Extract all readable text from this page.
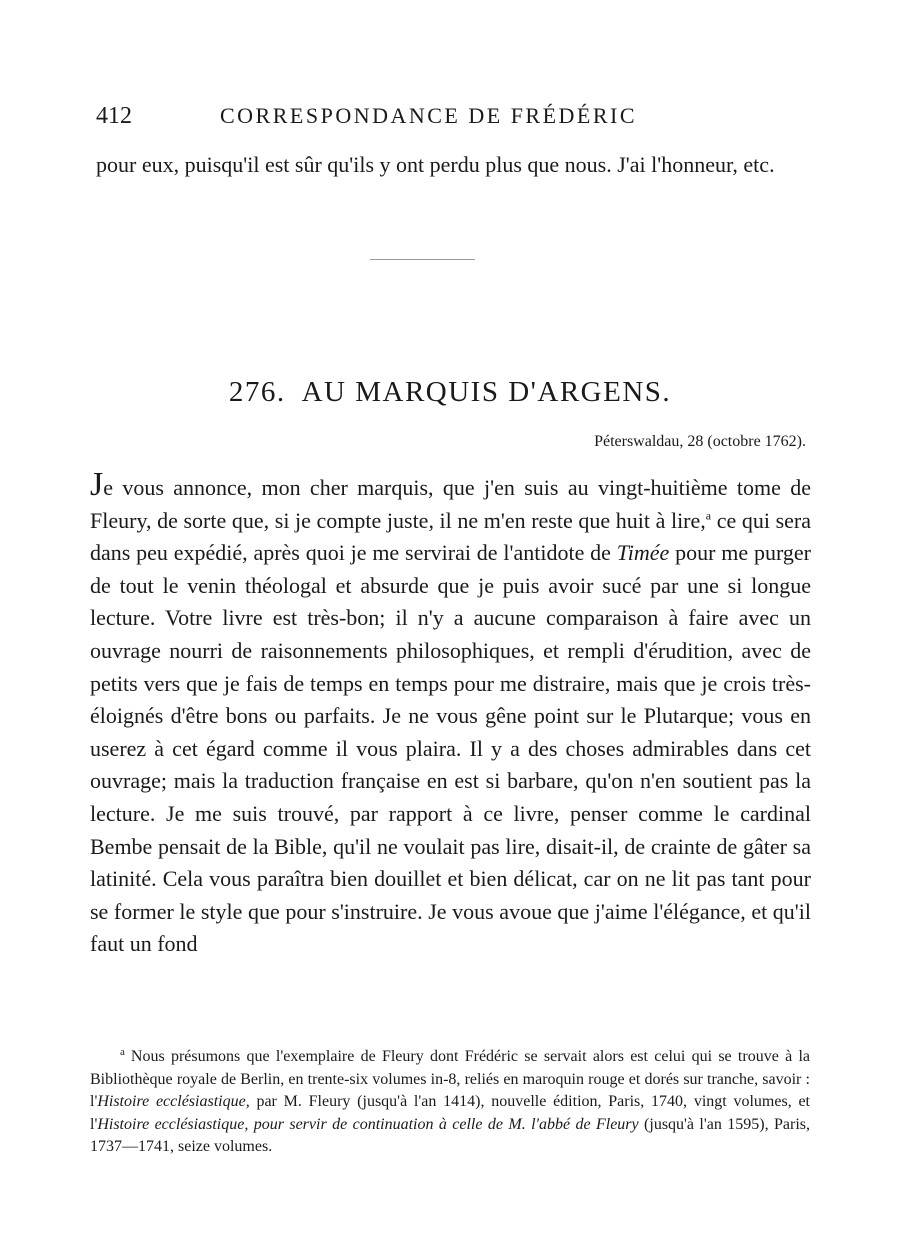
412	CORRESPONDANCE DE FRÉDÉRIC

pour eux, puisqu'il est sûr qu'ils y ont perdu plus que nous. J'ai l'honneur, etc.

276. AU MARQUIS D'ARGENS.
Péterswaldau, 28 (octobre 1762).

Je vous annonce, mon cher marquis, que j'en suis au vingt-huitième tome de Fleury, de sorte que, si je compte juste, il ne m'en reste que huit à lire,$^a$ ce qui sera dans peu expédié, après quoi je me servirai de l'antidote de Timée pour me purger de tout le venin théologal et absurde que je puis avoir sucé par une si longue lecture. Votre livre est très-bon; il n'y a aucune comparaison à faire avec un ouvrage nourri de raisonnements philosophiques, et rempli d'érudition, avec de petits vers que je fais de temps en temps pour me distraire, mais que je crois très-éloignés d'être bons ou parfaits. Je ne vous gêne point sur le Plutarque; vous en userez à cet égard comme il vous plaira. Il y a des choses admirables dans cet ouvrage; mais la traduction française en est si barbare, qu'on n'en soutient pas la lecture. Je me suis trouvé, par rapport à ce livre, penser comme le cardinal Bembe pensait de la Bible, qu'il ne voulait pas lire, disait-il, de crainte de gâter sa latinité. Cela vous paraîtra bien douillet et bien délicat, car on ne lit pas tant pour se former le style que pour s'instruire. Je vous avoue que j'aime l'élégance, et qu'il faut un fond

$^a$ Nous présumons que l'exemplaire de Fleury dont Frédéric se servait alors est celui qui se trouve à la Bibliothèque royale de Berlin, en trente-six volumes in-8, reliés en maroquin rouge et dorés sur tranche, savoir : l'Histoire ecclésiastique, par M. Fleury (jusqu'à l'an 1414), nouvelle édition, Paris, 1740, vingt volumes, et l'Histoire ecclésiastique, pour servir de continuation à celle de M. l'abbé de Fleury (jusqu'à l'an 1595), Paris, 1737—1741, seize volumes.
